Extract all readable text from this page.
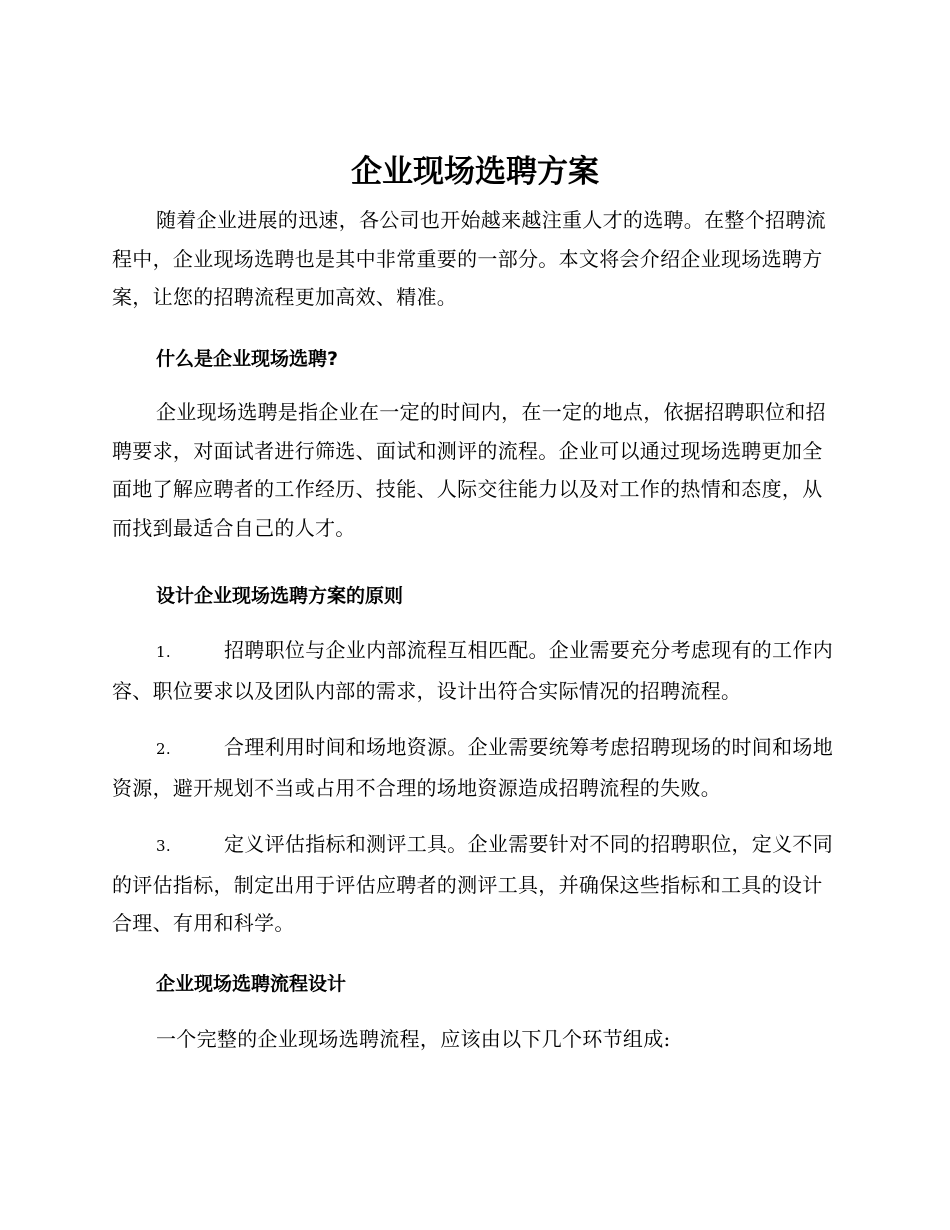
企业现场选聘方案

随着企业进展的迅速，各公司也开始越来越注重人才的选聘。在整个招聘流程中，企业现场选聘也是其中非常重要的一部分。本文将会介绍企业现场选聘方案，让您的招聘流程更加高效、精准。

什么是企业现场选聘?

企业现场选聘是指企业在一定的时间内，在一定的地点，依据招聘职位和招聘要求，对面试者进行筛选、面试和测评的流程。企业可以通过现场选聘更加全面地了解应聘者的工作经历、技能、人际交往能力以及对工作的热情和态度，从而找到最适合自己的人才。

设计企业现场选聘方案的原则

1.	招聘职位与企业内部流程互相匹配。企业需要充分考虑现有的工作内容、职位要求以及团队内部的需求，设计出符合实际情况的招聘流程。

2.	合理利用时间和场地资源。企业需要统筹考虑招聘现场的时间和场地资源，避开规划不当或占用不合理的场地资源造成招聘流程的失败。

3.	定义评估指标和测评工具。企业需要针对不同的招聘职位，定义不同的评估指标，制定出用于评估应聘者的测评工具，并确保这些指标和工具的设计合理、有用和科学。

企业现场选聘流程设计

一个完整的企业现场选聘流程，应该由以下几个环节组成:
